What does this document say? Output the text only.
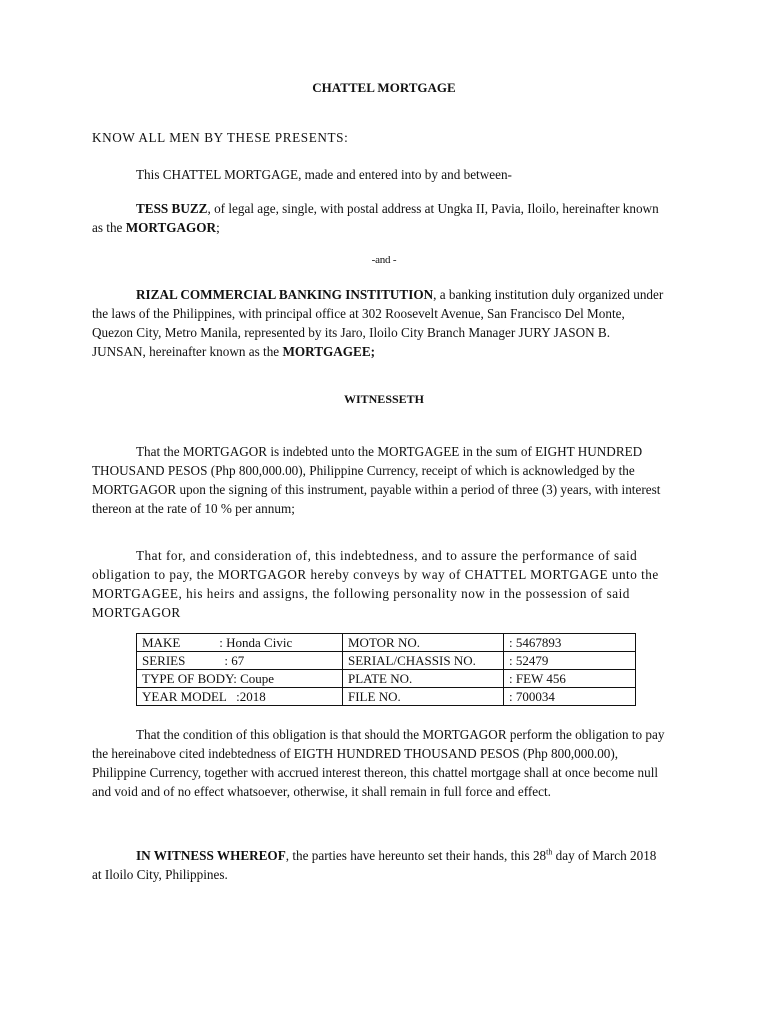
CHATTEL MORTGAGE
KNOW ALL MEN BY THESE PRESENTS:
This CHATTEL MORTGAGE, made and entered into by and between-
TESS BUZZ, of legal age, single, with postal address at Ungka II, Pavia, Iloilo, hereinafter known as the MORTGAGOR;
-and -
RIZAL COMMERCIAL BANKING INSTITUTION, a banking institution duly organized under the laws of the Philippines, with principal office at 302 Roosevelt Avenue, San Francisco Del Monte, Quezon City, Metro Manila, represented by its Jaro, Iloilo City Branch Manager JURY JASON B. JUNSAN, hereinafter known as the MORTGAGEE;
WITNESSETH
That the MORTGAGOR is indebted unto the MORTGAGEE in the sum of EIGHT HUNDRED THOUSAND PESOS (Php 800,000.00), Philippine Currency, receipt of which is acknowledged by the MORTGAGOR upon the signing of this instrument, payable within a period of three (3) years, with interest thereon at the rate of 10 % per annum;
That for, and consideration of, this indebtedness, and to assure the performance of said obligation to pay, the MORTGAGOR hereby conveys by way of CHATTEL MORTGAGE unto the MORTGAGEE, his heirs and assigns, the following personality now in the possession of said MORTGAGOR
MAKE            : Honda Civic	MOTOR NO.	: 5467893
SERIES            : 67	SERIAL/CHASSIS NO.	: 52479
TYPE OF BODY: Coupe	PLATE NO.	: FEW 456
YEAR MODEL   :2018	FILE NO.	: 700034
That the condition of this obligation is that should the MORTGAGOR perform the obligation to pay the hereinabove cited indebtedness of EIGTH HUNDRED THOUSAND PESOS (Php 800,000.00), Philippine Currency, together with accrued interest thereon, this chattel mortgage shall at once become null and void and of no effect whatsoever, otherwise, it shall remain in full force and effect.
IN WITNESS WHEREOF, the parties have hereunto set their hands, this 28th day of March 2018 at Iloilo City, Philippines.
